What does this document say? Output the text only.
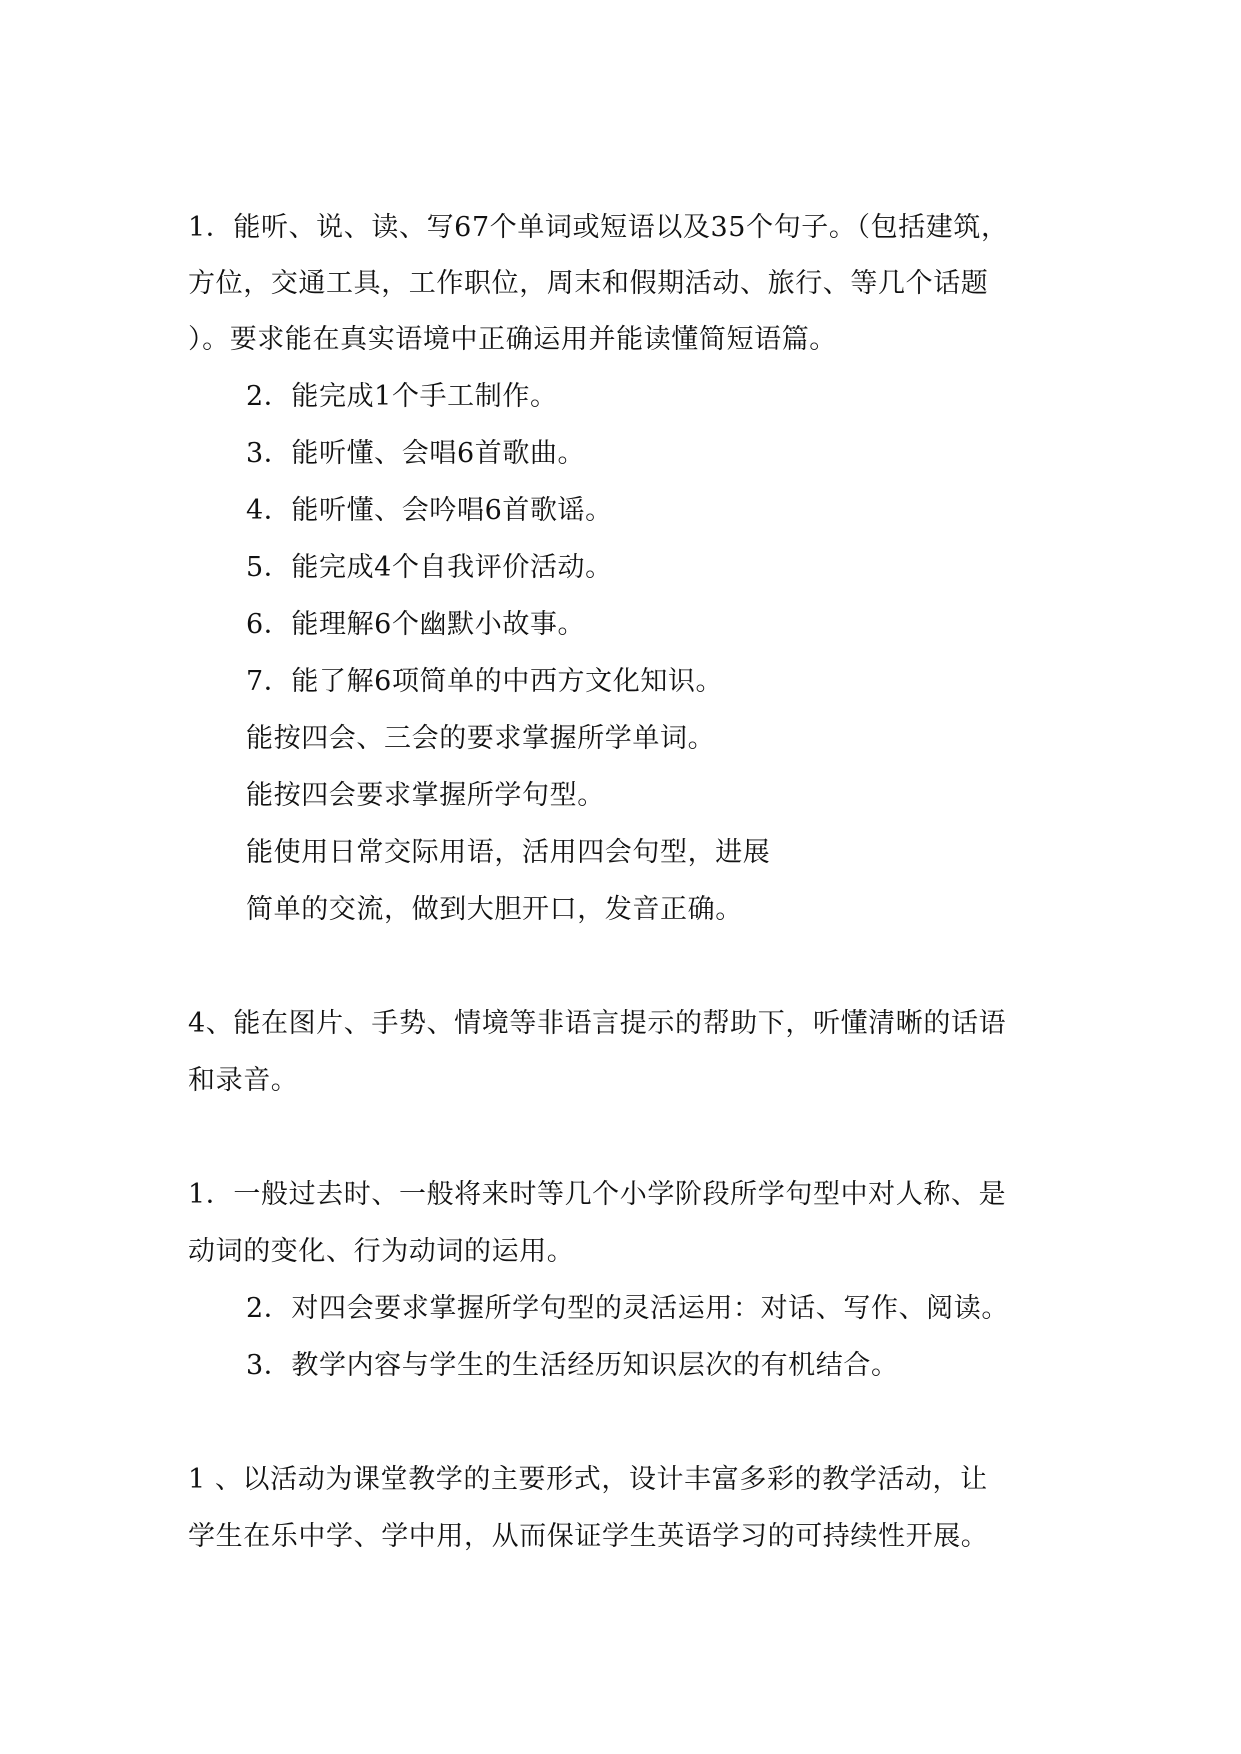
1．能听、说、读、写67个单词或短语以及35个句子。（包括建筑，
方位，交通工具，工作职位，周末和假期活动、旅行、等几个话题
）。要求能在真实语境中正确运用并能读懂简短语篇。
2．能完成1个手工制作。
3．能听懂、会唱6首歌曲。
4．能听懂、会吟唱6首歌谣。
5．能完成4个自我评价活动。
6．能理解6个幽默小故事。
7．能了解6项简单的中西方文化知识。
能按四会、三会的要求掌握所学单词。
能按四会要求掌握所学句型。
能使用日常交际用语，活用四会句型，进展
简单的交流，做到大胆开口，发音正确。
4、能在图片、手势、情境等非语言提示的帮助下，听懂清晰的话语
和录音。
1．一般过去时、一般将来时等几个小学阶段所学句型中对人称、是
动词的变化、行为动词的运用。
2．对四会要求掌握所学句型的灵活运用：对话、写作、阅读。
3．教学内容与学生的生活经历知识层次的有机结合。
1 、以活动为课堂教学的主要形式，设计丰富多彩的教学活动，让
学生在乐中学、学中用，从而保证学生英语学习的可持续性开展。
